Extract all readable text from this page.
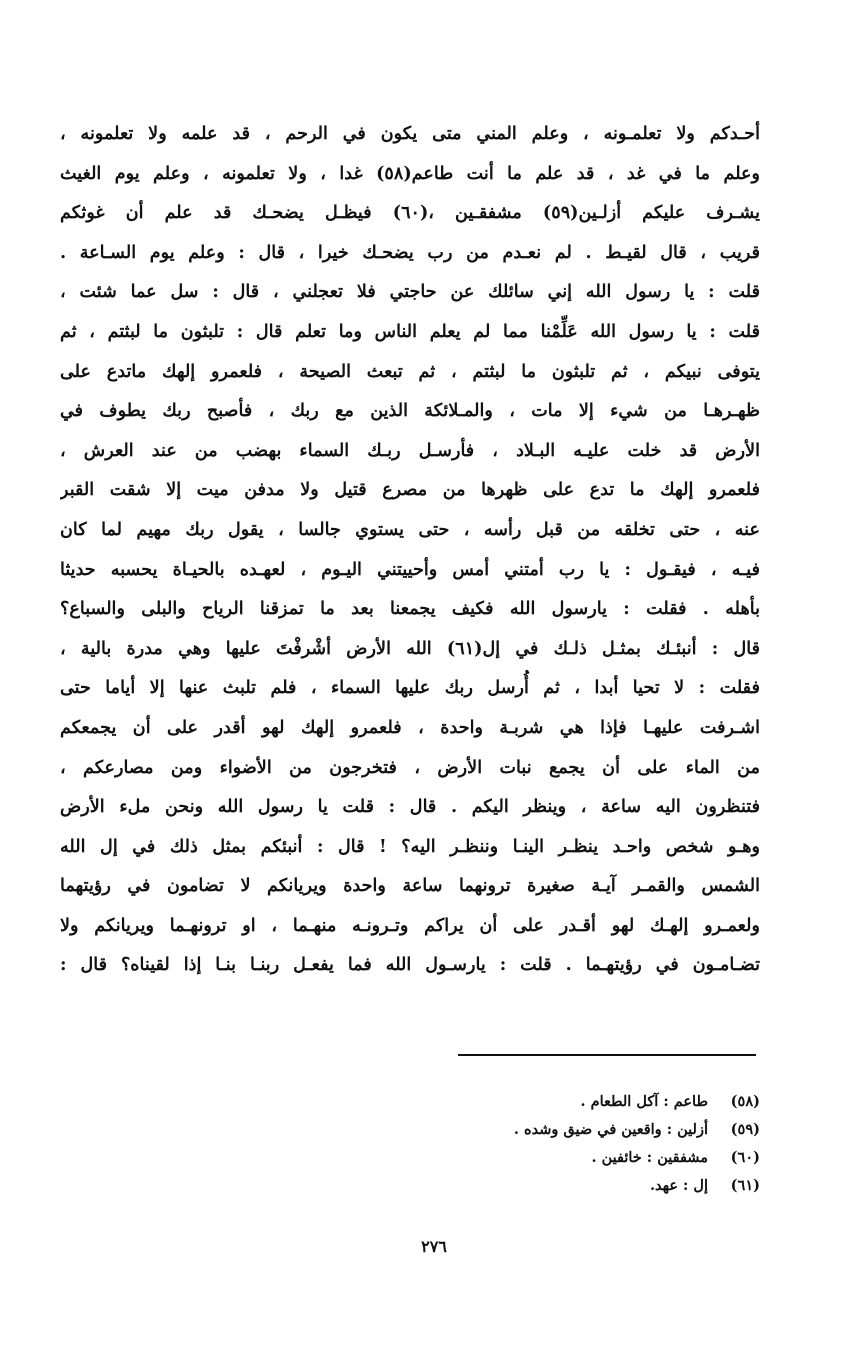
أحـدكم ولا تعلمـونه ، وعلم المني متى يكون في الرحم ، قد علمه ولا تعلمونه ،
وعلم ما في غد ، قد علم ما أنت طاعم(٥٨) غدا ، ولا تعلمونه ، وعلم يوم الغيث
يشـرف عليكم أزلـين(٥٩) مشفقـين ،(٦٠) فيظـل يضحـك قد علم أن غوثكم
قريب ، قال لقيـط . لم نعـدم من رب يضحـك خيرا ، قال : وعلم يوم السـاعة .
قلت : يا رسول الله إني سائلك عن حاجتي فلا تعجلني ، قال : سل عما شئت ،
قلت : يا رسول الله عَلِّمْنا مما لم يعلم الناس وما تعلم قال : تلبثون ما لبثتم ، ثم
يتوفى نبيكم ، ثم تلبثون ما لبثتم ، ثم تبعث الصيحة ، فلعمرو إلهك ماتدع على
ظهـرهـا من شيء إلا مات ، والمـلائكة الذين مع ربك ، فأصبح ربك يطوف في
الأرض قد خلت عليـه البـلاد ، فأرسـل ربـك السماء بهضب من عند العرش ،
فلعمرو إلهك ما تدع على ظهرها من مصرع قتيل ولا مدفن ميت إلا شقت القبر
عنه ، حتى تخلقه من قبل رأسه ، حتى يستوي جالسا ، يقول ربك مهيم لما كان
فيـه ، فيقـول : يا رب أمتني أمس وأحييتني اليـوم ، لعهـده بالحيـاة يحسبه حديثا
بأهله . فقلت : يارسول الله فكيف يجمعنا بعد ما تمزقنا الرياح والبلى والسباع؟
قال : أنبئـك بمثـل ذلـك في إل(٦١) الله الأرض أشْرفْتَ عليها وهي مدرة بالية ،
فقلت : لا تحيا أبدا ، ثم أُرسل ربك عليها السماء ، فلم تلبث عنها إلا أياما حتى
اشـرفت عليهـا فإذا هي شربـة واحدة ، فلعمرو إلهك لهو أقدر على أن يجمعكم
من الماء على أن يجمع نبات الأرض ، فتخرجون من الأضواء ومن مصارعكم ،
فتنظرون اليه ساعة ، وينظر اليكم . قال : قلت يا رسول الله ونحن ملء الأرض
وهـو شخص واحـد ينظـر الينـا وننظـر اليه؟ ! قال : أنبئكم بمثل ذلك في إل الله
الشمس والقمـر آيـة صغيرة ترونهما ساعة واحدة ويريانكم لا تضامون في رؤيتهما
ولعمـرو إلهـك لهو أقـدر على أن يراكم وتـرونـه منهـما ، او ترونهـما ويريانكم ولا
تضـامـون في رؤيتهـما . قلت : يارسـول الله فما يفعـل ربنـا بنـا إذا لقيناه؟ قال :
(٥٨)
طاعم : آكل الطعام .
(٥٩)
أزلين : واقعين في ضيق وشده .
(٦٠)
مشفقين : خائفين .
(٦١)
إل : عهد.
٢٧٦
